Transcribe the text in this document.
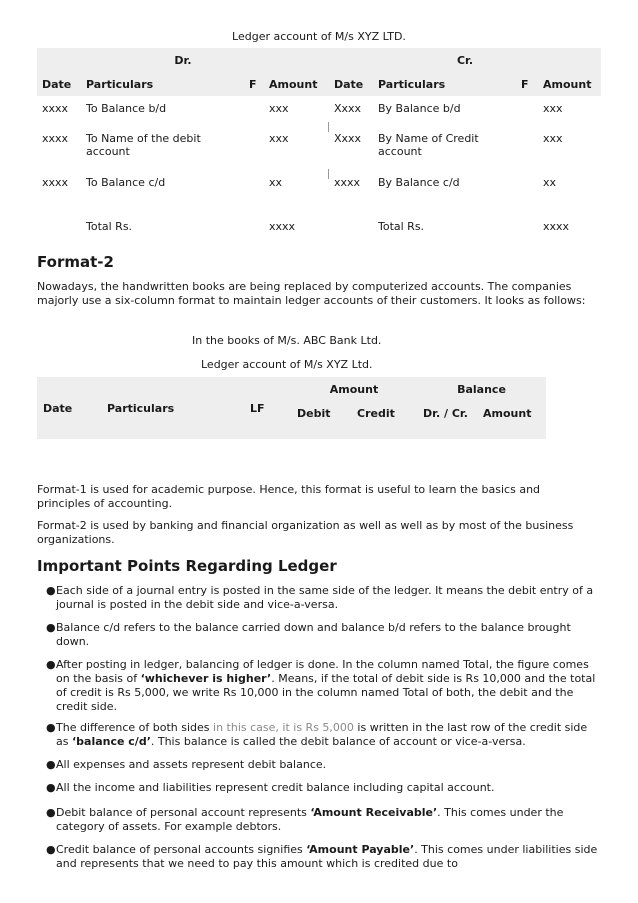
Ledger account of M/s XYZ LTD.
Dr.				Cr.			
Date	Particulars	F	Amount	Date	Particulars	F	Amount
xxxx	To Balance b/d		xxx	Xxxx	By Balance b/d		xxx
xxxx	To Name of the debit account		xxx	Xxxx	By Name of Credit account		xxx
xxxx	To Balance c/d		xx	xxxx	By Balance c/d		xx
	Total Rs.		xxxx		Total Rs.		xxxx
Format-2

Nowadays, the handwritten books are being replaced by computerized accounts. The companies majorly use a six-column format to maintain ledger accounts of their customers. It looks as follows:

In the books of M/s. ABC Bank Ltd.
Ledger account of M/s XYZ Ltd.
Date	Particulars	LF	Amount		Balance	
			Debit	Credit	Dr. / Cr.	Amount

Format-1 is used for academic purpose. Hence, this format is useful to learn the basics and principles of accounting.

Format-2 is used by banking and financial organization as well as well as by most of the business organizations.

Important Points Regarding Ledger
● Each side of a journal entry is posted in the same side of the ledger. It means the debit entry of a journal is posted in the debit side and vice-a-versa.
● Balance c/d refers to the balance carried down and balance b/d refers to the balance brought down.
● After posting in ledger, balancing of ledger is done. In the column named Total, the figure comes on the basis of ‘whichever is higher’. Means, if the total of debit side is Rs 10,000 and the total of credit is Rs 5,000, we write Rs 10,000 in the column named Total of both, the debit and the credit side.
● The difference of both sides in this case, it is Rs 5,000 is written in the last row of the credit side as ‘balance c/d’. This balance is called the debit balance of account or vice-a-versa.
● All expenses and assets represent debit balance.
● All the income and liabilities represent credit balance including capital account.
● Debit balance of personal account represents ‘Amount Receivable’. This comes under the category of assets. For example debtors.
● Credit balance of personal accounts signifies ‘Amount Payable’. This comes under liabilities side and represents that we need to pay this amount which is credited due to
